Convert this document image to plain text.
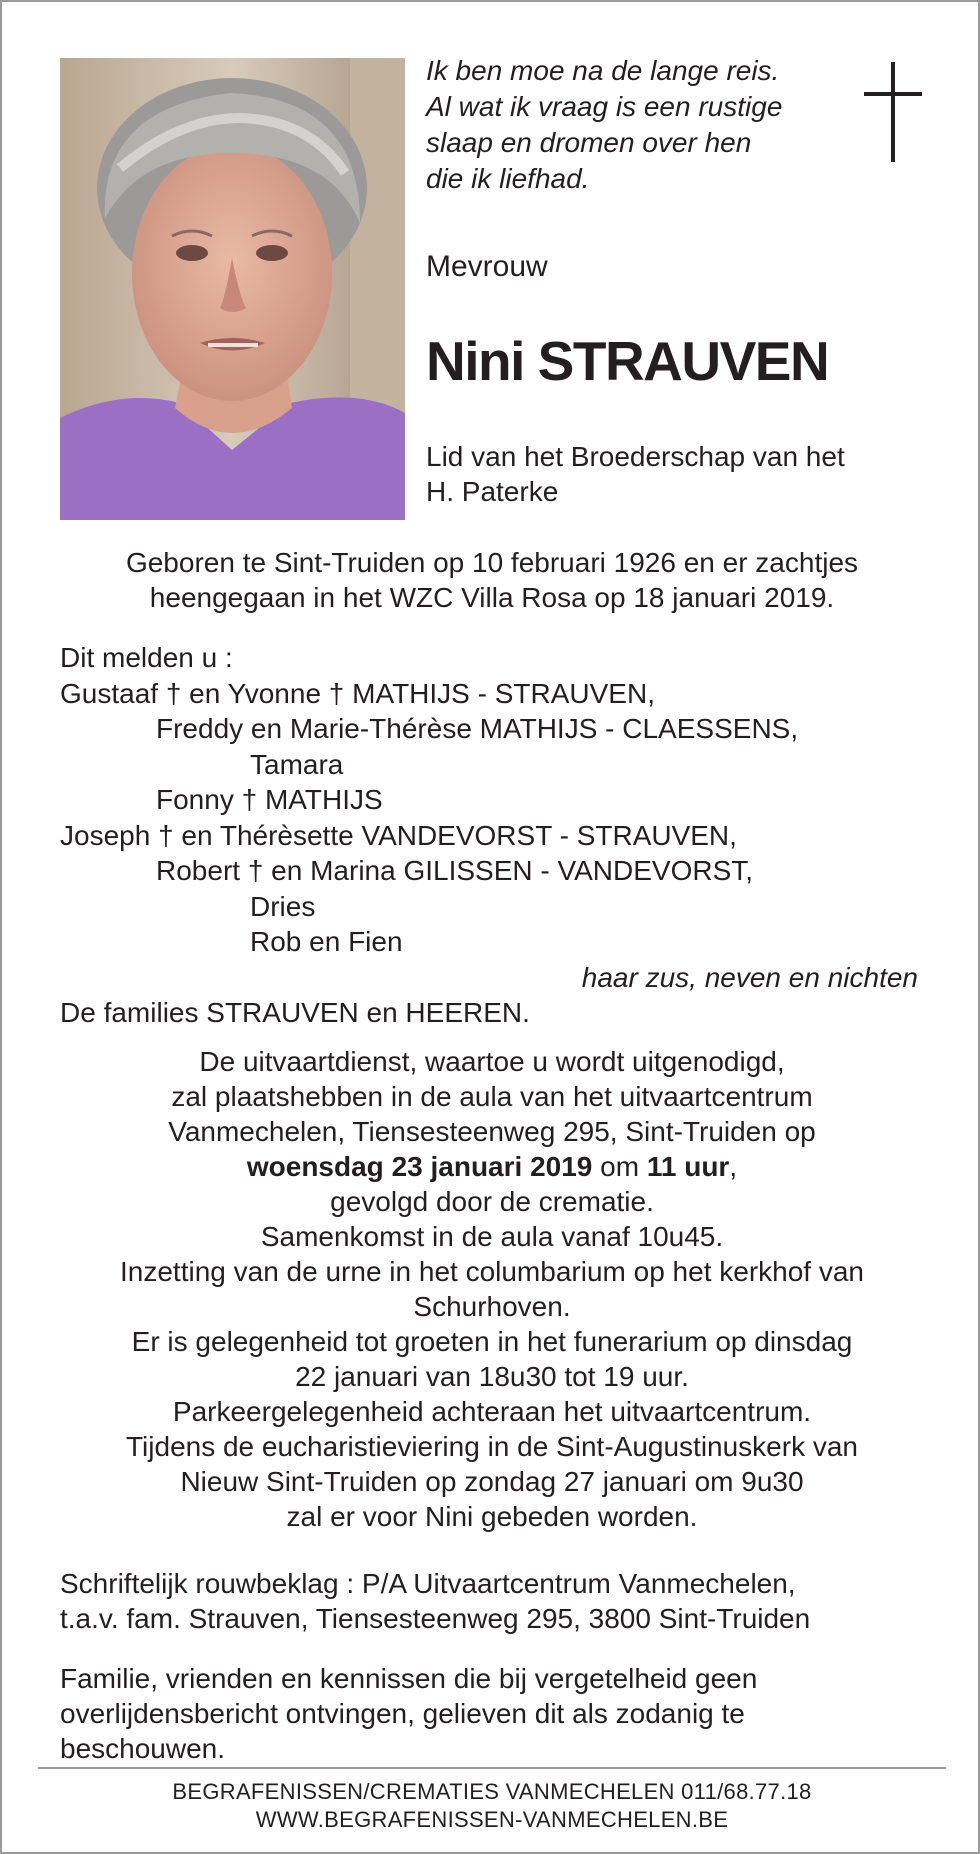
Ik ben moe na de lange reis.
Al wat ik vraag is een rustige
slaap en dromen over hen
die ik liefhad.
Mevrouw
Nini STRAUVEN
Lid van het Broederschap van het
H. Paterke
Geboren te Sint-Truiden op 10 februari 1926 en er zachtjes
heengegaan in het WZC Villa Rosa op 18 januari 2019.
Dit melden u :
Gustaaf † en Yvonne † MATHIJS - STRAUVEN,
Freddy en Marie-Thérèse MATHIJS - CLAESSENS,
Tamara
Fonny † MATHIJS
Joseph † en Thérèsette VANDEVORST - STRAUVEN,
Robert † en Marina GILISSEN - VANDEVORST,
Dries
Rob en Fien
haar zus, neven en nichten
De families STRAUVEN en HEEREN.
De uitvaartdienst, waartoe u wordt uitgenodigd,
zal plaatshebben in de aula van het uitvaartcentrum
Vanmechelen, Tiensesteenweg 295, Sint-Truiden op
woensdag 23 januari 2019 om 11 uur,
gevolgd door de crematie.
Samenkomst in de aula vanaf 10u45.
Inzetting van de urne in het columbarium op het kerkhof van
Schurhoven.
Er is gelegenheid tot groeten in het funerarium op dinsdag
22 januari van 18u30 tot 19 uur.
Parkeergelegenheid achteraan het uitvaartcentrum.
Tijdens de eucharistieviering in de Sint-Augustinuskerk van
Nieuw Sint-Truiden op zondag 27 januari om 9u30
zal er voor Nini gebeden worden.
Schriftelijk rouwbeklag : P/A Uitvaartcentrum Vanmechelen,
t.a.v. fam. Strauven, Tiensesteenweg 295, 3800 Sint-Truiden
Familie, vrienden en kennissen die bij vergetelheid geen
overlijdensbericht ontvingen, gelieven dit als zodanig te
beschouwen.
BEGRAFENISSEN/CREMATIES VANMECHELEN 011/68.77.18
WWW.BEGRAFENISSEN-VANMECHELEN.BE
